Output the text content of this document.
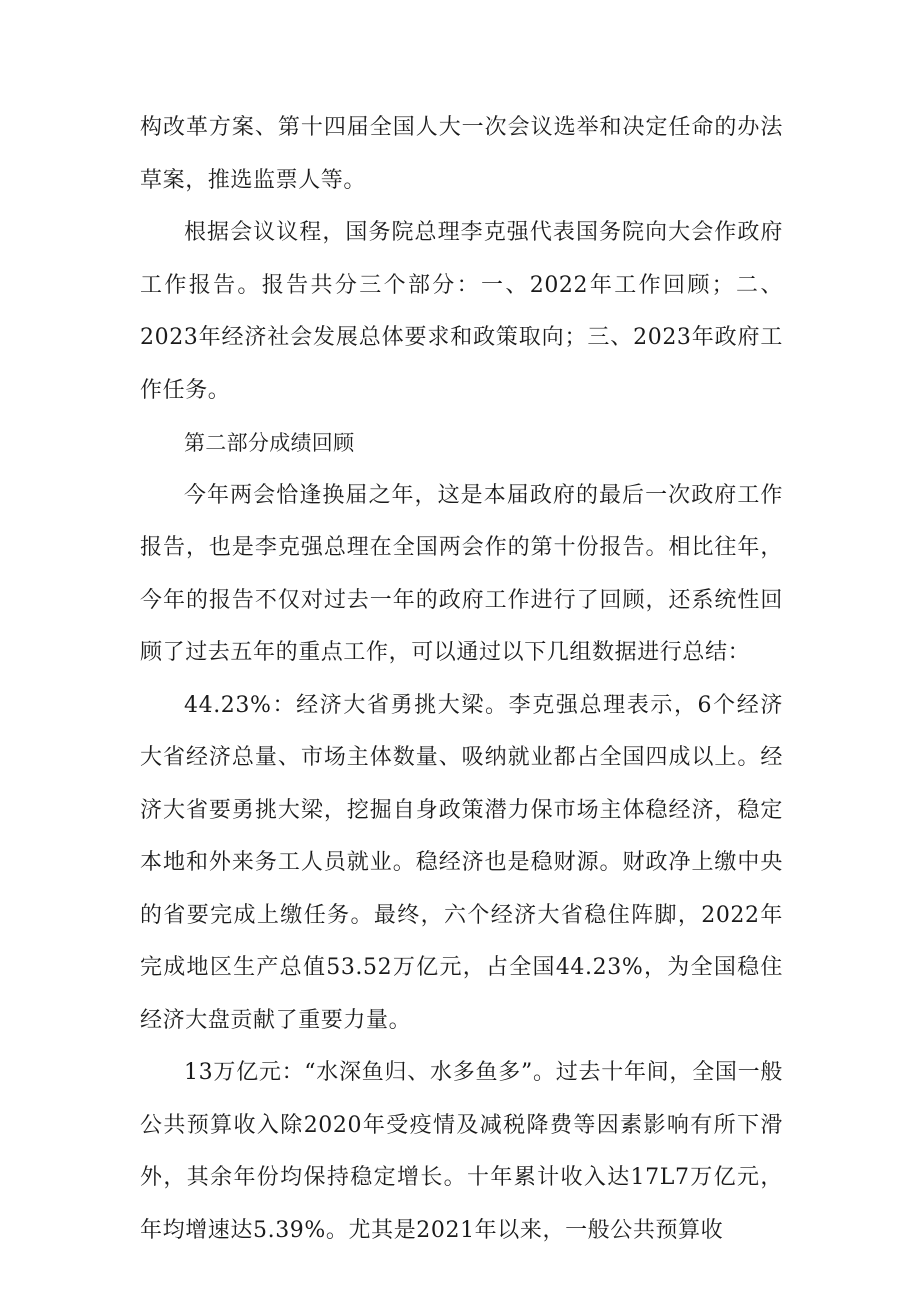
构改革方案、第十四届全国人大一次会议选举和决定任命的办法草案，推选监票人等。

根据会议议程，国务院总理李克强代表国务院向大会作政府工作报告。报告共分三个部分：一、2022年工作回顾；二、2023年经济社会发展总体要求和政策取向；三、2023年政府工作任务。

第二部分成绩回顾

今年两会恰逢换届之年，这是本届政府的最后一次政府工作报告，也是李克强总理在全国两会作的第十份报告。相比往年，今年的报告不仅对过去一年的政府工作进行了回顾，还系统性回顾了过去五年的重点工作，可以通过以下几组数据进行总结：

44.23%：经济大省勇挑大梁。李克强总理表示，6个经济大省经济总量、市场主体数量、吸纳就业都占全国四成以上。经济大省要勇挑大梁，挖掘自身政策潜力保市场主体稳经济，稳定本地和外来务工人员就业。稳经济也是稳财源。财政净上缴中央的省要完成上缴任务。最终，六个经济大省稳住阵脚，2022年完成地区生产总值53.52万亿元，占全国44.23%，为全国稳住经济大盘贡献了重要力量。

13万亿元：“水深鱼归、水多鱼多”。过去十年间，全国一般公共预算收入除2020年受疫情及减税降费等因素影响有所下滑外，其余年份均保持稳定增长。十年累计收入达17L7万亿元，年均增速达5.39%。尤其是2021年以来，一般公共预算收
